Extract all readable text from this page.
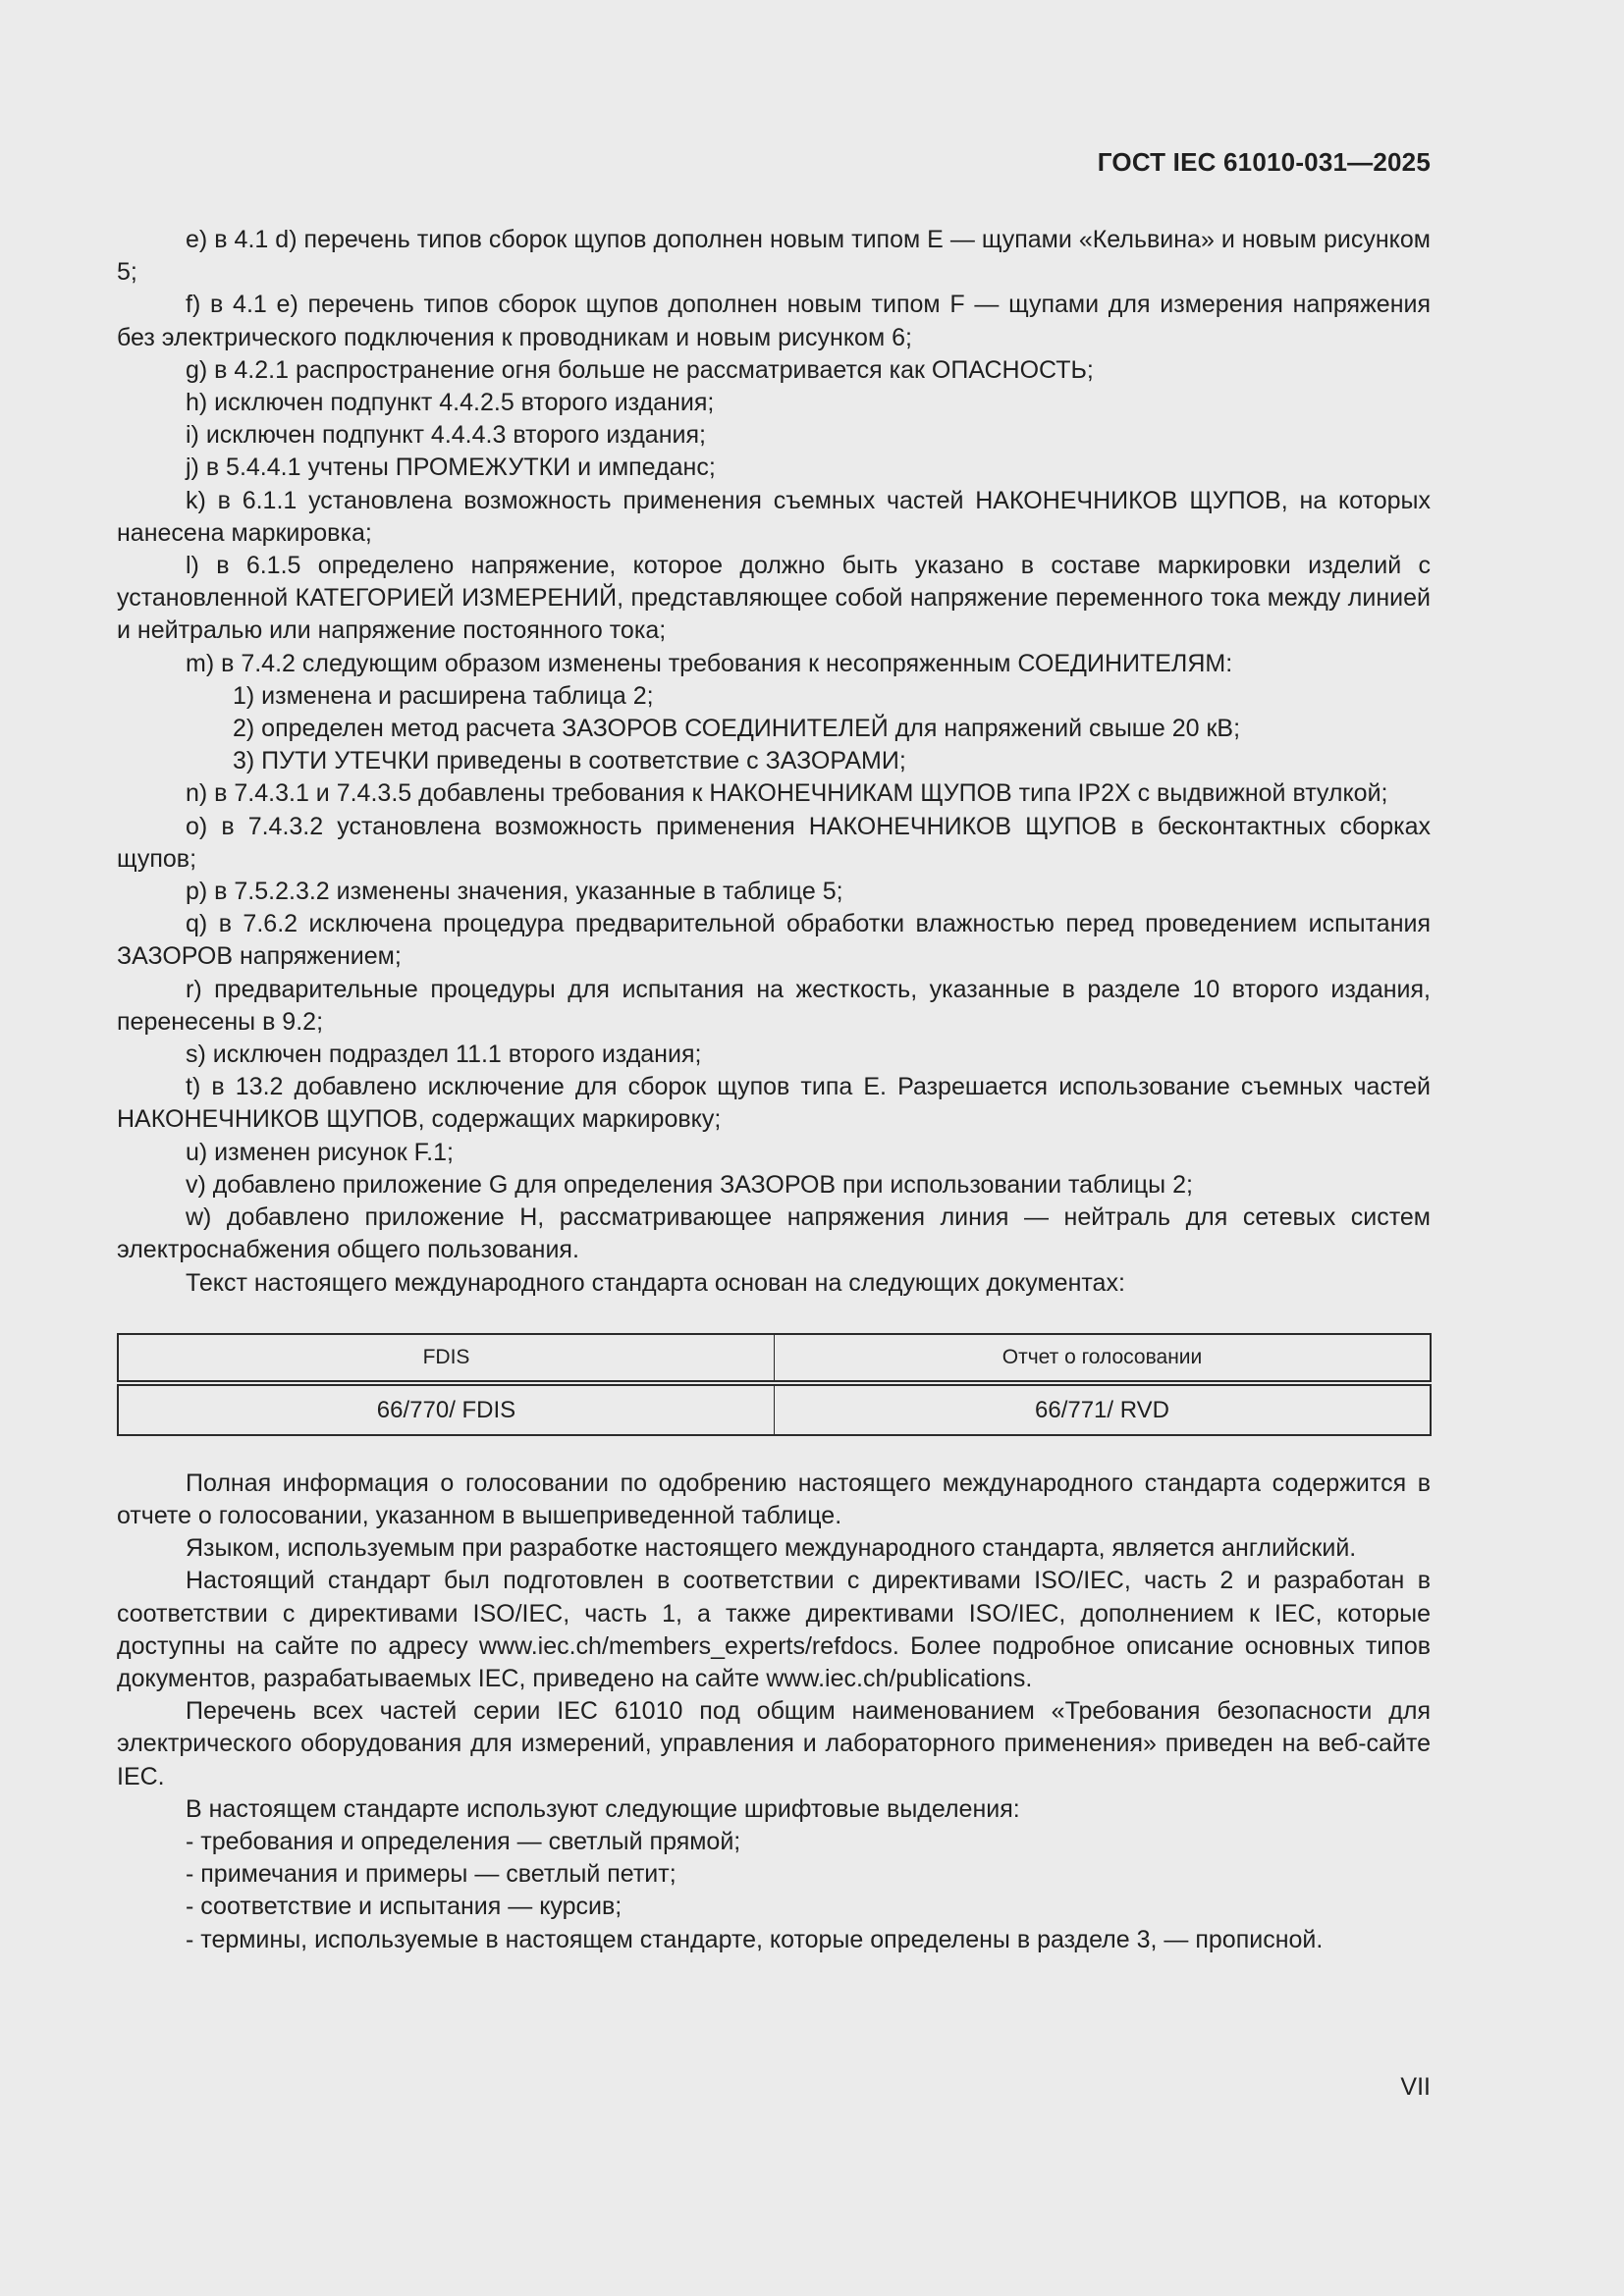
ГОСТ IEC 61010-031—2025

e) в 4.1 d) перечень типов сборок щупов дополнен новым типом Е — щупами «Кельвина» и новым рисунком 5;

f) в 4.1 e) перечень типов сборок щупов дополнен новым типом F — щупами для измерения напряжения без электрического подключения к проводникам и новым рисунком 6;

g) в 4.2.1 распространение огня больше не рассматривается как ОПАСНОСТЬ;

h) исключен подпункт 4.4.2.5 второго издания;

i) исключен подпункт 4.4.4.3 второго издания;

j) в 5.4.4.1 учтены ПРОМЕЖУТКИ и импеданс;

k) в 6.1.1 установлена возможность применения съемных частей НАКОНЕЧНИКОВ ЩУПОВ, на которых нанесена маркировка;

l) в 6.1.5 определено напряжение, которое должно быть указано в составе маркировки изделий с установленной КАТЕГОРИЕЙ ИЗМЕРЕНИЙ, представляющее собой напряжение переменного тока между линией и нейтралью или напряжение постоянного тока;

m) в 7.4.2 следующим образом изменены требования к несопряженным СОЕДИНИТЕЛЯМ:

1) изменена и расширена таблица 2;

2) определен метод расчета ЗАЗОРОВ СОЕДИНИТЕЛЕЙ для напряжений свыше 20 кВ;

3) ПУТИ УТЕЧКИ приведены в соответствие с ЗАЗОРАМИ;

n) в 7.4.3.1 и 7.4.3.5 добавлены требования к НАКОНЕЧНИКАМ ЩУПОВ типа IP2X с выдвижной втулкой;

o) в 7.4.3.2 установлена возможность применения НАКОНЕЧНИКОВ ЩУПОВ в бесконтактных сборках щупов;

p) в 7.5.2.3.2 изменены значения, указанные в таблице 5;

q) в 7.6.2 исключена процедура предварительной обработки влажностью перед проведением испытания ЗАЗОРОВ напряжением;

r) предварительные процедуры для испытания на жесткость, указанные в разделе 10 второго издания, перенесены в 9.2;

s) исключен подраздел 11.1 второго издания;

t) в 13.2 добавлено исключение для сборок щупов типа E. Разрешается использование съемных частей НАКОНЕЧНИКОВ ЩУПОВ, содержащих маркировку;

u) изменен рисунок F.1;

v) добавлено приложение G для определения ЗАЗОРОВ при использовании таблицы 2;

w) добавлено приложение H, рассматривающее напряжения линия — нейтраль для сетевых систем электроснабжения общего пользования.

Текст настоящего международного стандарта основан на следующих документах:

FDIS	Отчет о голосовании
66/770/ FDIS	66/771/ RVD

Полная информация о голосовании по одобрению настоящего международного стандарта содержится в отчете о голосовании, указанном в вышеприведенной таблице.

Языком, используемым при разработке настоящего международного стандарта, является английский.

Настоящий стандарт был подготовлен в соответствии с директивами ISO/IEC, часть 2 и разработан в соответствии с директивами ISO/IEC, часть 1, а также директивами ISO/IEC, дополнением к IEC, которые доступны на сайте по адресу www.iec.ch/members_experts/refdocs. Более подробное описание основных типов документов, разрабатываемых IEC, приведено на сайте www.iec.ch/publications.

Перечень всех частей серии IEC 61010 под общим наименованием «Требования безопасности для электрического оборудования для измерений, управления и лабораторного применения» приведен на веб-сайте IEC.

В настоящем стандарте используют следующие шрифтовые выделения:

- требования и определения — светлый прямой;

- примечания и примеры — светлый петит;

- соответствие и испытания — курсив;

- термины, используемые в настоящем стандарте, которые определены в разделе 3, — прописной.

VII
